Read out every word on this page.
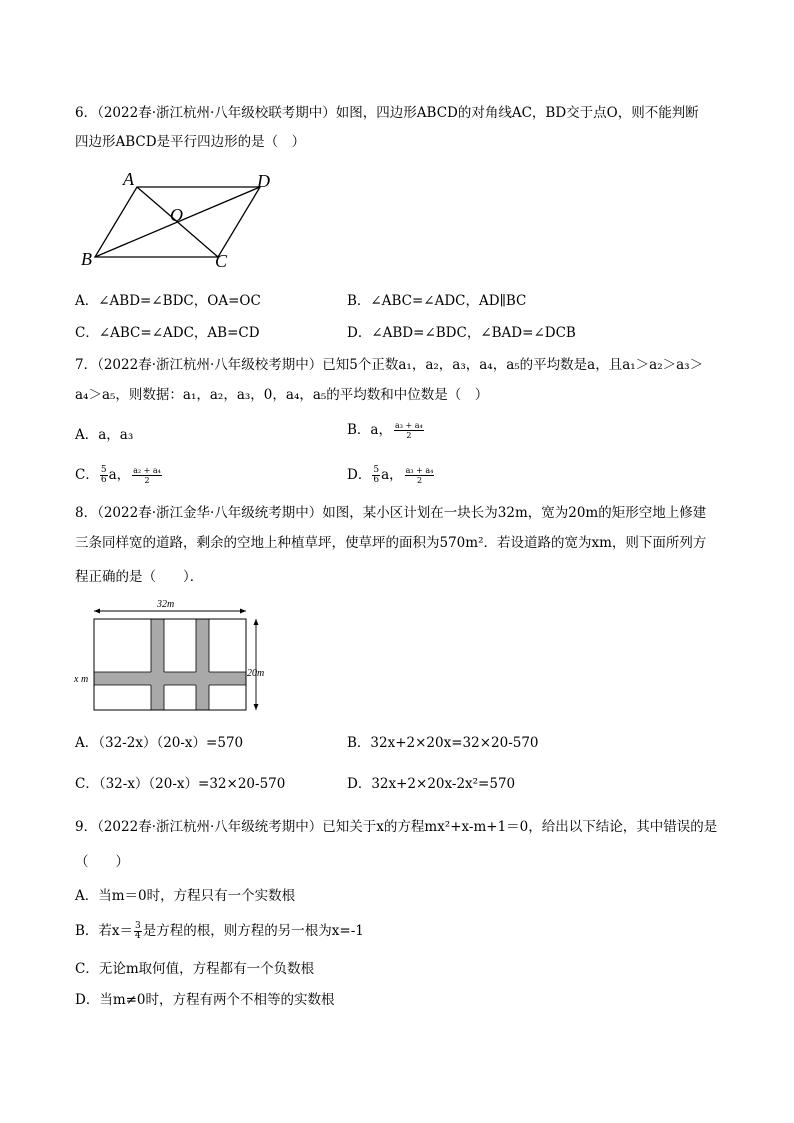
6．（2022春·浙江杭州·八年级校联考期中）如图，四边形ABCD的对角线AC，BD交于点O，则不能判断
四边形ABCD是平行四边形的是（　）
A	D
O
B	C
A．∠ABD=∠BDC，OA=OC	B．∠ABC=∠ADC，AD∥BC
C．∠ABC=∠ADC，AB=CD	D．∠ABD=∠BDC，∠BAD=∠DCB
7．（2022春·浙江杭州·八年级校考期中）已知5个正数a₁，a₂，a₃，a₄，a₅的平均数是a，且a₁＞a₂＞a₃＞
a₄＞a₅，则数据：a₁，a₂，a₃，0，a₄，a₅的平均数和中位数是（　）
A．a，a₃	B．a， $\frac{\text{a₃ + a₄}}{2}$
C． $\frac{5}{6}$ a， $\frac{\text{a₂ + a₄}}{2}$	D． $\frac{5}{6}$ a， $\frac{\text{a₃ + a₄}}{2}$
8．（2022春·浙江金华·八年级统考期中）如图，某小区计划在一块长为32m，宽为20m的矩形空地上修建
三条同样宽的道路，剩余的空地上种植草坪，使草坪的面积为570m²．若设道路的宽为xm，则下面所列方
程正确的是（　　）．
32m
20m
x m
A．（32-2x）（20-x）=570	B．32x+2×20x=32×20-570
C．（32-x）（20-x）=32×20-570	D．32x+2×20x-2x²=570
9．（2022春·浙江杭州·八年级统考期中）已知关于x的方程mx²+x-m+1＝0，给出以下结论，其中错误的是
（　　）
A．当m＝0时，方程只有一个实数根
B．若$x= \frac{3}{4}$ 是方程的根，则方程的另一根为x=-1
C．无论m取何值，方程都有一个负数根
D．当m≠0时，方程有两个不相等的实数根
